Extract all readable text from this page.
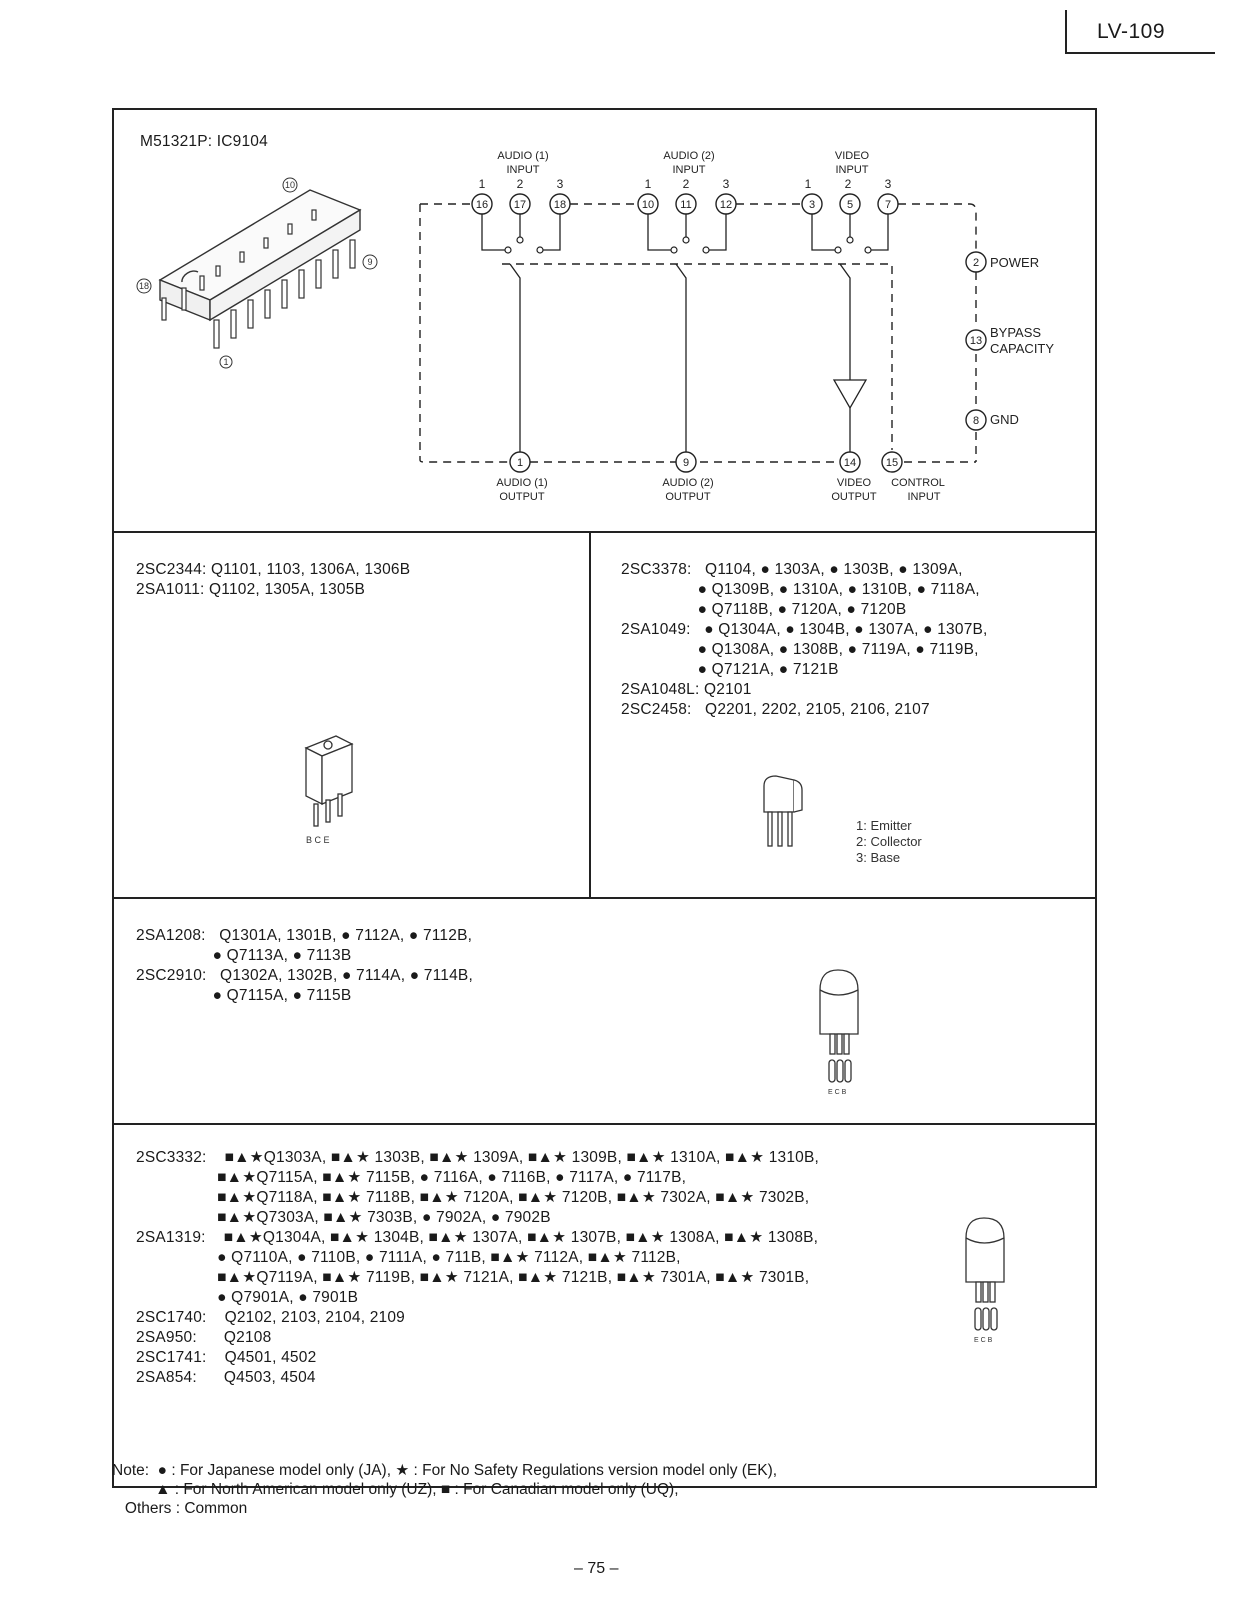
LV-109
M51321P: IC9104
10
18
9
1
AUDIO (1)
INPUT
AUDIO (2)
INPUT
VIDEO
INPUT
1	2	3	1	2	3	1	2	3
16 17	18	10 11	12	3	5	7
2
13
8
POWER
BYPASS
CAPACITY
GND
1	9	14	15
AUDIO (1)
OUTPUT
AUDIO (2)
OUTPUT
VIDEO
OUTPUT
CONTROL
INPUT
2SC2344: Q1101, 1103, 1306A, 1306B
2SA1011: Q1102, 1305A, 1305B
B C E
2SC3378:   Q1104, ● 1303A, ● 1303B, ● 1309A,
● Q1309B, ● 1310A, ● 1310B, ● 7118A,
● Q7118B, ● 7120A, ● 7120B
2SA1049:   ● Q1304A, ● 1304B, ● 1307A, ● 1307B,
● Q1308A, ● 1308B, ● 7119A, ● 7119B,
● Q7121A, ● 7121B
2SA1048L: Q2101
2SC2458:   Q2201, 2202, 2105, 2106, 2107
1: Emitter
2: Collector
3: Base
2SA1208:   Q1301A, 1301B, ● 7112A, ● 7112B,
● Q7113A, ● 7113B
2SC2910:   Q1302A, 1302B, ● 7114A, ● 7114B,
● Q7115A, ● 7115B
E C B
2SC3332:    ■▲★Q1303A, ■▲★ 1303B, ■▲★ 1309A, ■▲★ 1309B, ■▲★ 1310A, ■▲★ 1310B,
■▲★Q7115A, ■▲★ 7115B, ● 7116A, ● 7116B, ● 7117A, ● 7117B,
■▲★Q7118A, ■▲★ 7118B, ■▲★ 7120A, ■▲★ 7120B, ■▲★ 7302A, ■▲★ 7302B,
■▲★Q7303A, ■▲★ 7303B, ● 7902A, ● 7902B
2SA1319:    ■▲★Q1304A, ■▲★ 1304B, ■▲★ 1307A, ■▲★ 1307B, ■▲★ 1308A, ■▲★ 1308B,
● Q7110A, ● 7110B, ● 7111A, ● 711B, ■▲★ 7112A, ■▲★ 7112B,
■▲★Q7119A, ■▲★ 7119B, ■▲★ 7121A, ■▲★ 7121B, ■▲★ 7301A, ■▲★ 7301B,
● Q7901A, ● 7901B
2SC1740:    Q2102, 2103, 2104, 2109
2SA950:      Q2108
2SC1741:    Q4501, 4502
2SA854:      Q4503, 4504
E C B
Note:  ● : For Japanese model only (JA), ★ : For No Safety Regulations version model only (EK),
▲ : For North American model only (UZ), ■ : For Canadian model only (UQ),
Others : Common
– 75 –
